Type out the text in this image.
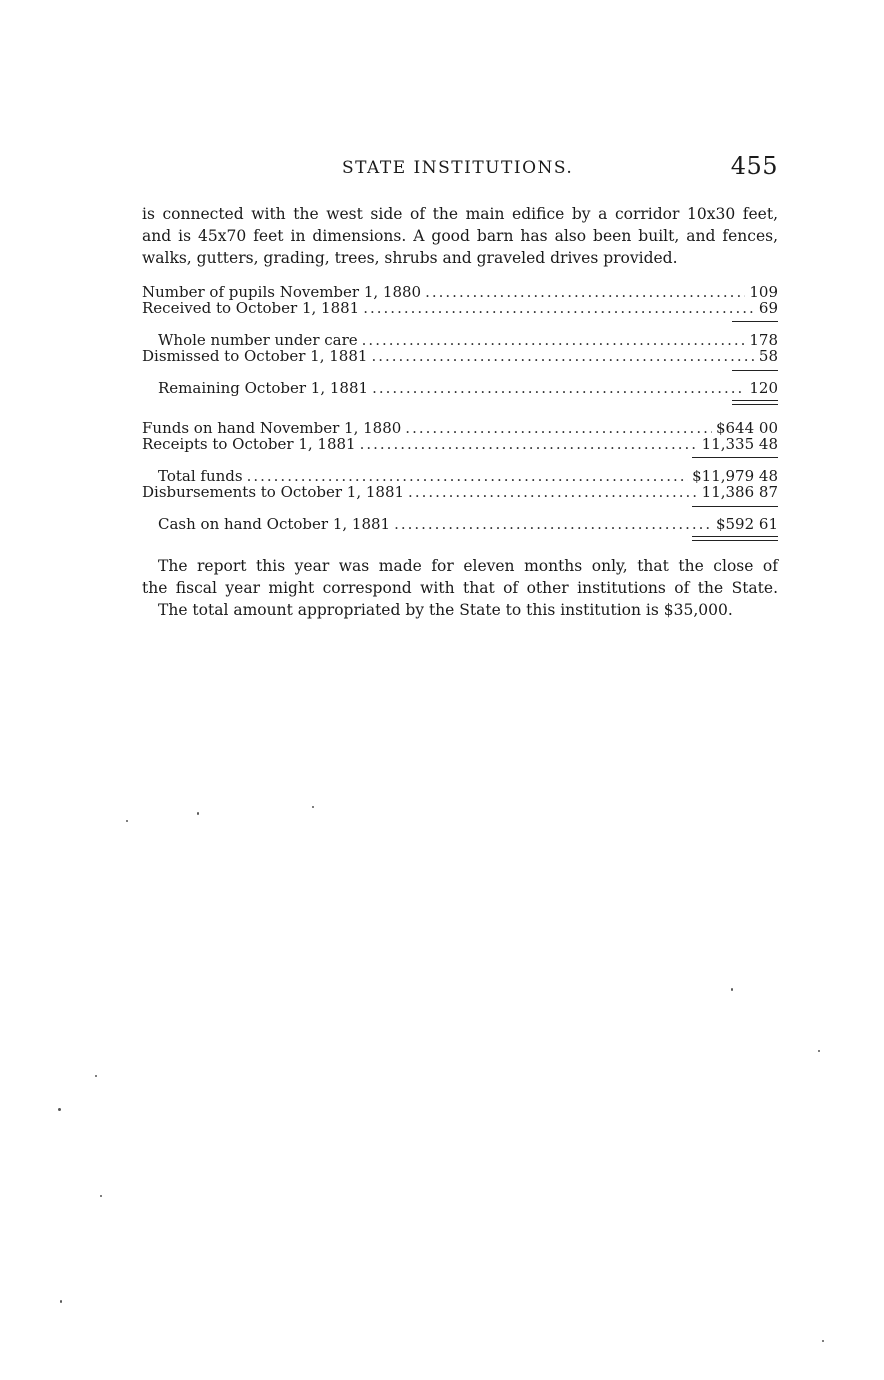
STATE INSTITUTIONS.	455
is connected with the west side of the main edifice by a corridor 10x30 feet,
and is 45x70 feet in dimensions. A good barn has also been built, and fences,
walks, gutters, grading, trees, shrubs and graveled drives provided.
Number of pupils November 1, 1880 .....	109
Received to October 1, 1881 .....	69
Whole number under care .....	178
Dismissed to October 1, 1881 .....	58
Remaining October 1, 1881 .....	120
Funds on hand November 1, 1880 .....	$644 00
Receipts to October 1, 1881 .....	11,335 48
Total funds .....	$11,979 48
Disbursements to October 1, 1881 .....	11,386 87
Cash on hand October 1, 1881 .....	$592 61

The report this year was made for eleven months only, that the close of

the fiscal year might correspond with that of other institutions of the State.

The total amount appropriated by the State to this institution is $35,000.
